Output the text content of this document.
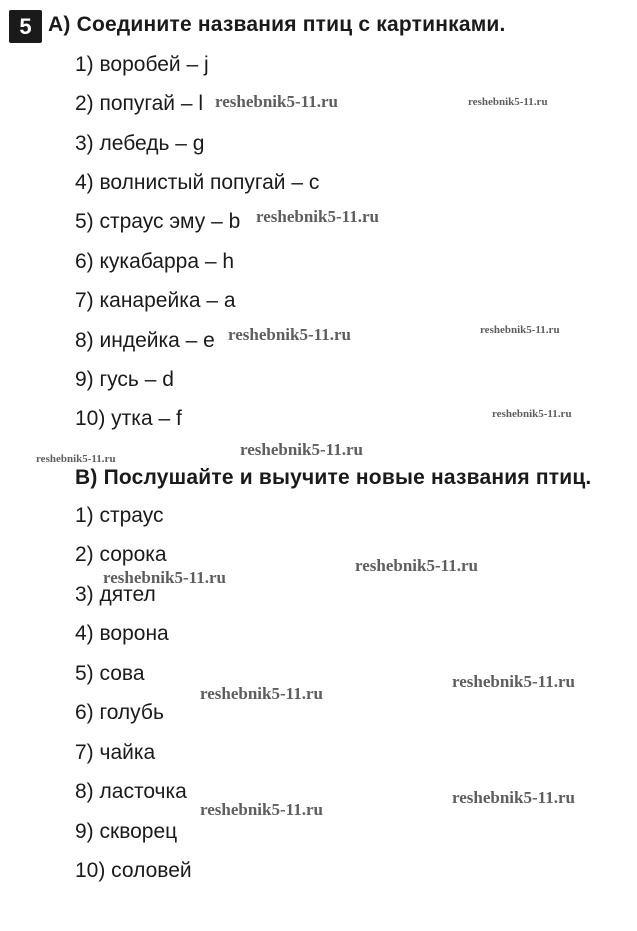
5 A) Соедините названия птиц с картинками.
1) воробей – j
2) попугай – l
3) лебедь – g
4) волнистый попугай – c
5) страус эму – b
6) кукабарра – h
7) канарейка – a
8) индейка – e
9) гусь – d
10) утка – f
B) Послушайте и выучите новые названия птиц.
1) страус
2) сорока
3) дятел
4) ворона
5) сова
6) голубь
7) чайка
8) ласточка
9) скворец
10) соловей
reshebnik5-11.ru	reshebnik5-11.ru
reshebnik5-11.ru
reshebnik5-11.ru	reshebnik5-11.ru
reshebnik5-11.ru
reshebnik5-11.ru
reshebnik5-11.ru
reshebnik5-11.ru
reshebnik5-11.ru
reshebnik5-11.ru
reshebnik5-11.ru
reshebnik5-11.ru
reshebnik5-11.ru
